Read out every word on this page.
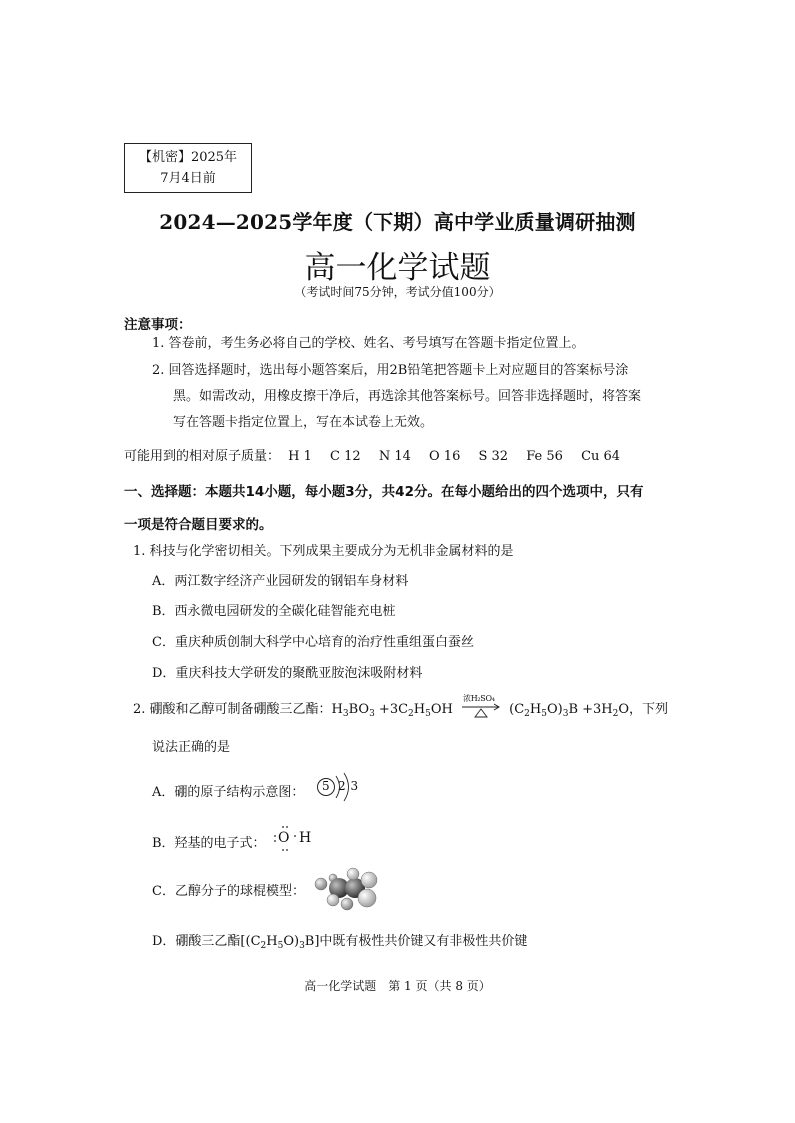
【机密】2025年
7月4日前
2024—2025学年度（下期）高中学业质量调研抽测
高一化学试题
（考试时间75分钟，考试分值100分）
注意事项：
1. 答卷前，考生务必将自己的学校、姓名、考号填写在答题卡指定位置上。
2. 回答选择题时，选出每小题答案后，用2B铅笔把答题卡上对应题目的答案标号涂
黑。如需改动，用橡皮擦干净后，再选涂其他答案标号。回答非选择题时，将答案
写在答题卡指定位置上，写在本试卷上无效。
可能用到的相对原子质量： H 1 C 12 N 14 O 16 S 32 Fe 56 Cu 64
一、选择题：本题共14小题，每小题3分，共42分。在每小题给出的四个选项中，只有
一项是符合题目要求的。
1. 科技与化学密切相关。下列成果主要成分为无机非金属材料的是
A．两江数字经济产业园研发的钢铝车身材料
B．西永微电园研发的全碳化硅智能充电桩
C．重庆种质创制大科学中心培育的治疗性重组蛋白蚕丝
D．重庆科技大学研发的聚酰亚胺泡沫吸附材料
2. 硼酸和乙醇可制备硼酸三乙酯：$H_3BO_3 +3C_2H_5OH$
浓H₂SO₄
$(C_2H_5O)_3B +3H_2O$，下列
说法正确的是
A．硼的原子结构示意图： 5 2 3
B．羟基的电子式： O H
C．乙醇分子的球棍模型：
D．硼酸三乙酯$[(C_2H_5O)_3B]$中既有极性共价键又有非极性共价键
高一化学试题　第 1 页（共 8 页）
